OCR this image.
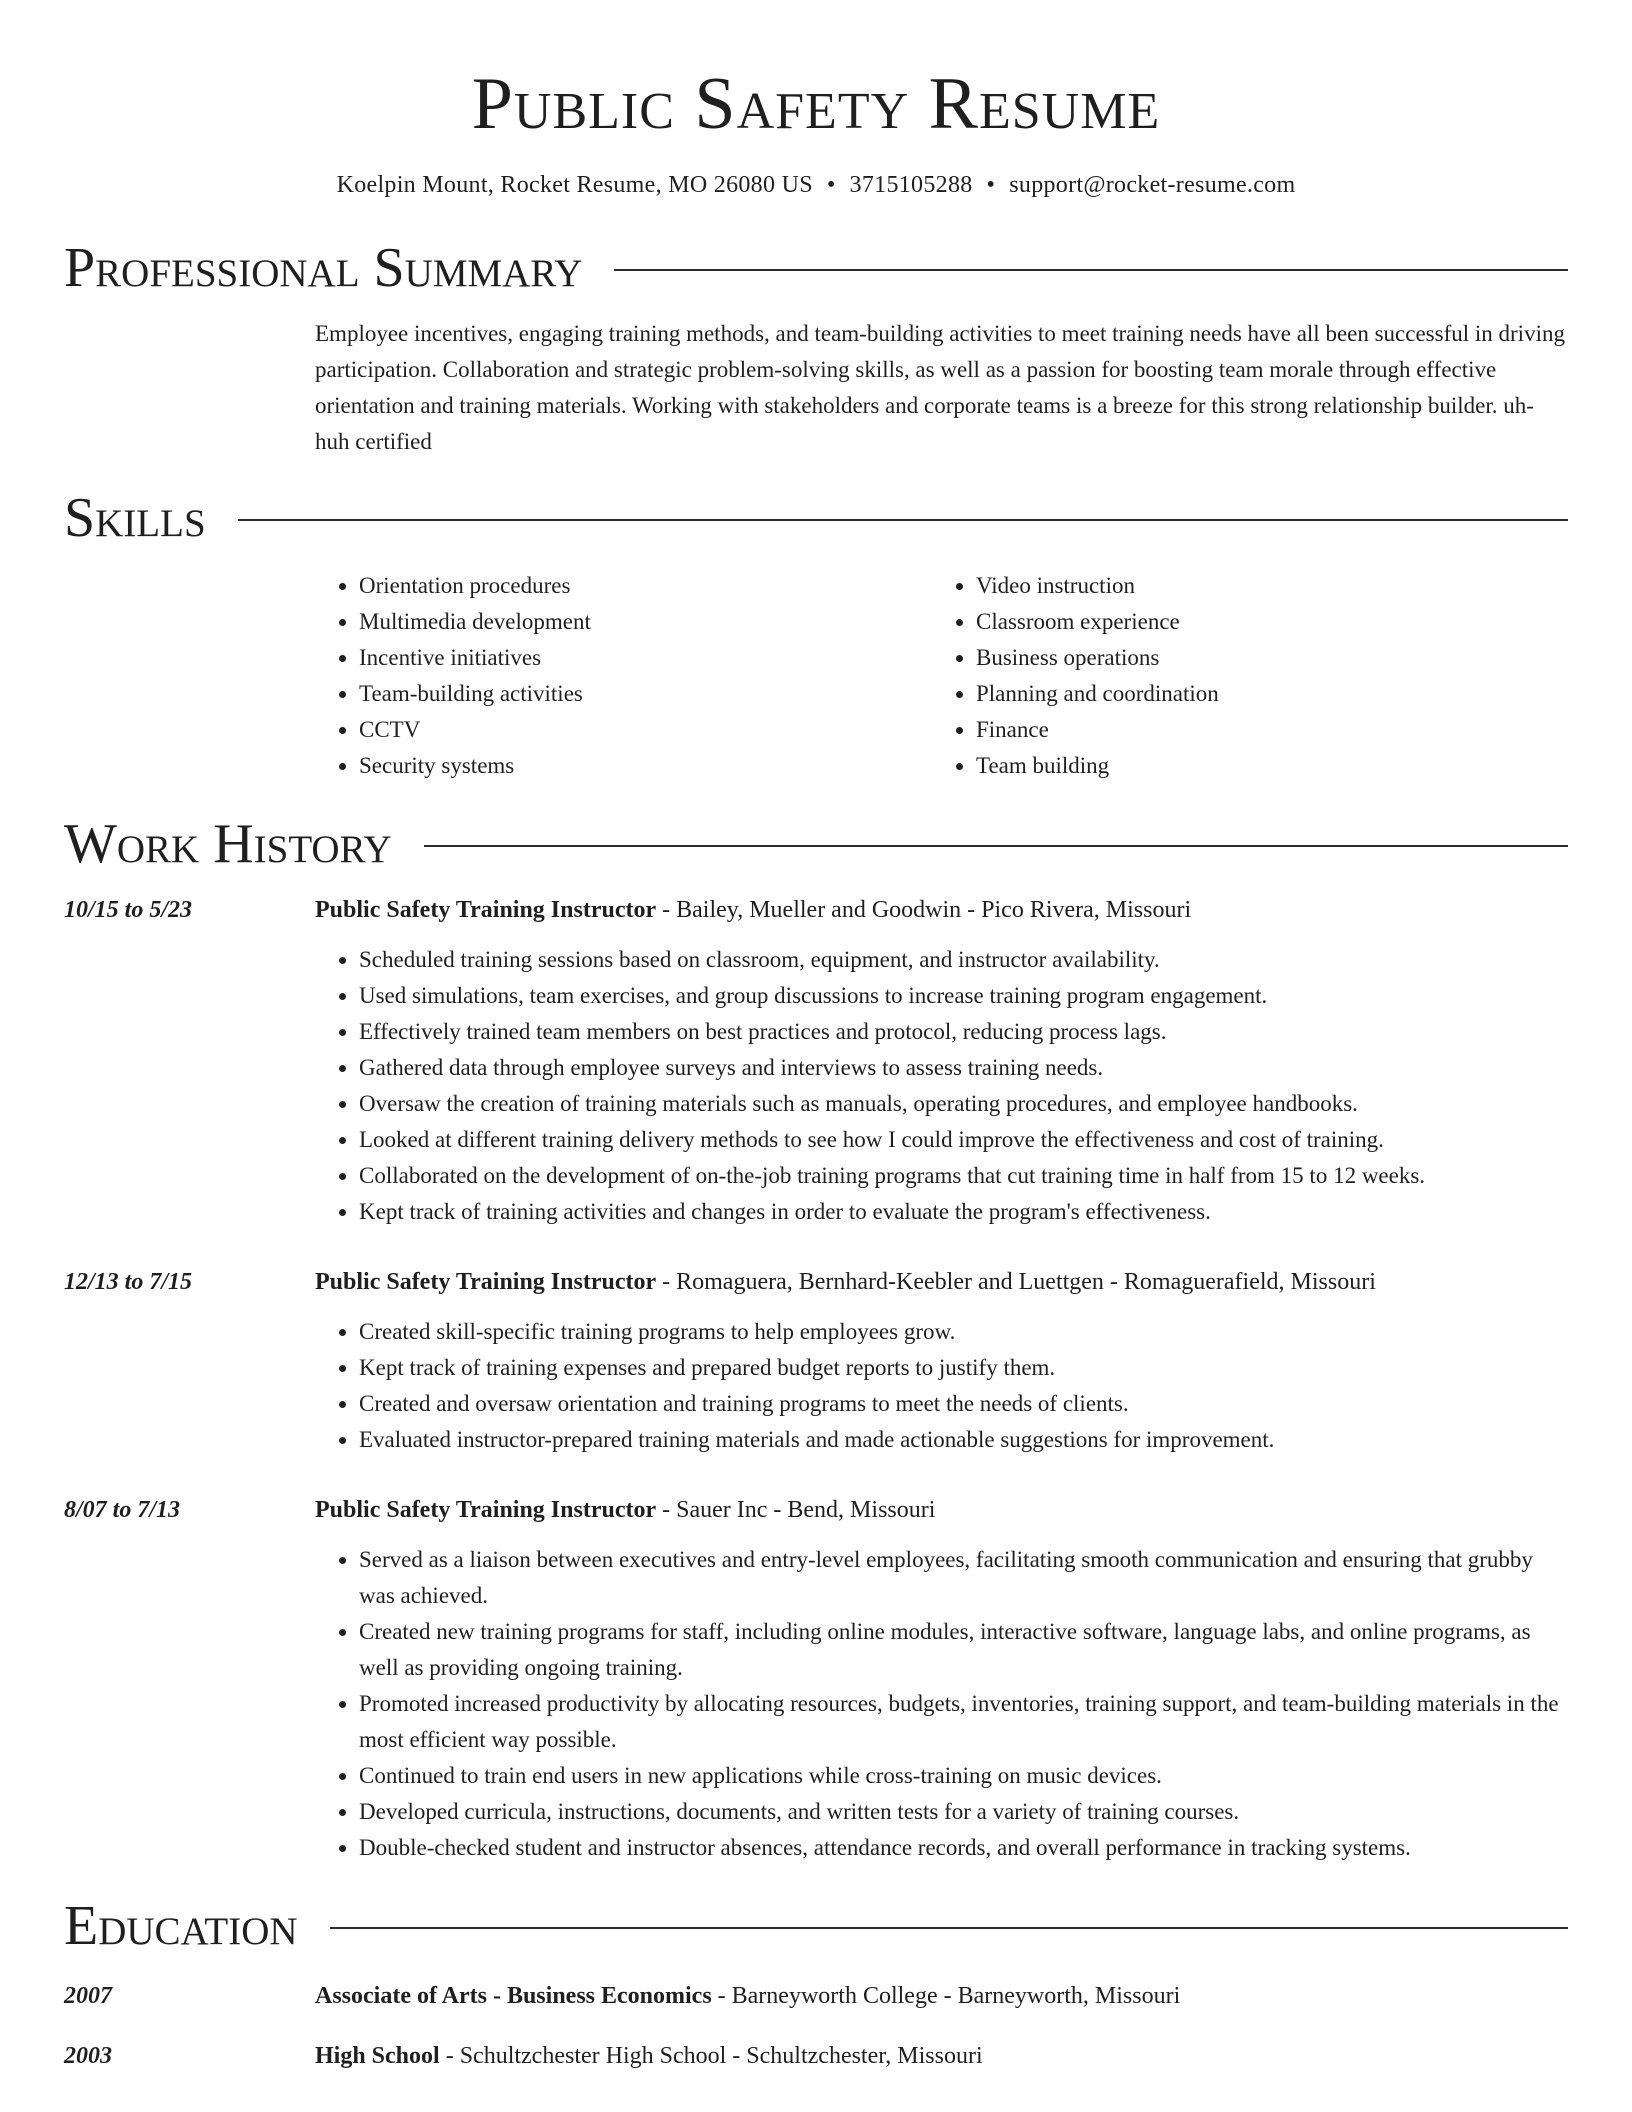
Public Safety Resume
Koelpin Mount, Rocket Resume, MO 26080 US • 3715105288 • support@rocket-resume.com
Professional Summary
Employee incentives, engaging training methods, and team-building activities to meet training needs have all been successful in driving participation. Collaboration and strategic problem-solving skills, as well as a passion for boosting team morale through effective orientation and training materials. Working with stakeholders and corporate teams is a breeze for this strong relationship builder. uh-huh certified
Skills
• Orientation procedures
• Multimedia development
• Incentive initiatives
• Team-building activities
• CCTV
• Security systems
• Video instruction
• Classroom experience
• Business operations
• Planning and coordination
• Finance
• Team building
Work History
10/15 to 5/23	Public Safety Training Instructor - Bailey, Mueller and Goodwin - Pico Rivera, Missouri
• Scheduled training sessions based on classroom, equipment, and instructor availability.
• Used simulations, team exercises, and group discussions to increase training program engagement.
• Effectively trained team members on best practices and protocol, reducing process lags.
• Gathered data through employee surveys and interviews to assess training needs.
• Oversaw the creation of training materials such as manuals, operating procedures, and employee handbooks.
• Looked at different training delivery methods to see how I could improve the effectiveness and cost of training.
• Collaborated on the development of on-the-job training programs that cut training time in half from 15 to 12 weeks.
• Kept track of training activities and changes in order to evaluate the program's effectiveness.
12/13 to 7/15	Public Safety Training Instructor - Romaguera, Bernhard-Keebler and Luettgen - Romaguerafield, Missouri
• Created skill-specific training programs to help employees grow.
• Kept track of training expenses and prepared budget reports to justify them.
• Created and oversaw orientation and training programs to meet the needs of clients.
• Evaluated instructor-prepared training materials and made actionable suggestions for improvement.
8/07 to 7/13	Public Safety Training Instructor - Sauer Inc - Bend, Missouri
• Served as a liaison between executives and entry-level employees, facilitating smooth communication and ensuring that grubby was achieved.
• Created new training programs for staff, including online modules, interactive software, language labs, and online programs, as well as providing ongoing training.
• Promoted increased productivity by allocating resources, budgets, inventories, training support, and team-building materials in the most efficient way possible.
• Continued to train end users in new applications while cross-training on music devices.
• Developed curricula, instructions, documents, and written tests for a variety of training courses.
• Double-checked student and instructor absences, attendance records, and overall performance in tracking systems.
Education
2007	Associate of Arts - Business Economics - Barneyworth College - Barneyworth, Missouri
2003	High School - Schultzchester High School - Schultzchester, Missouri
